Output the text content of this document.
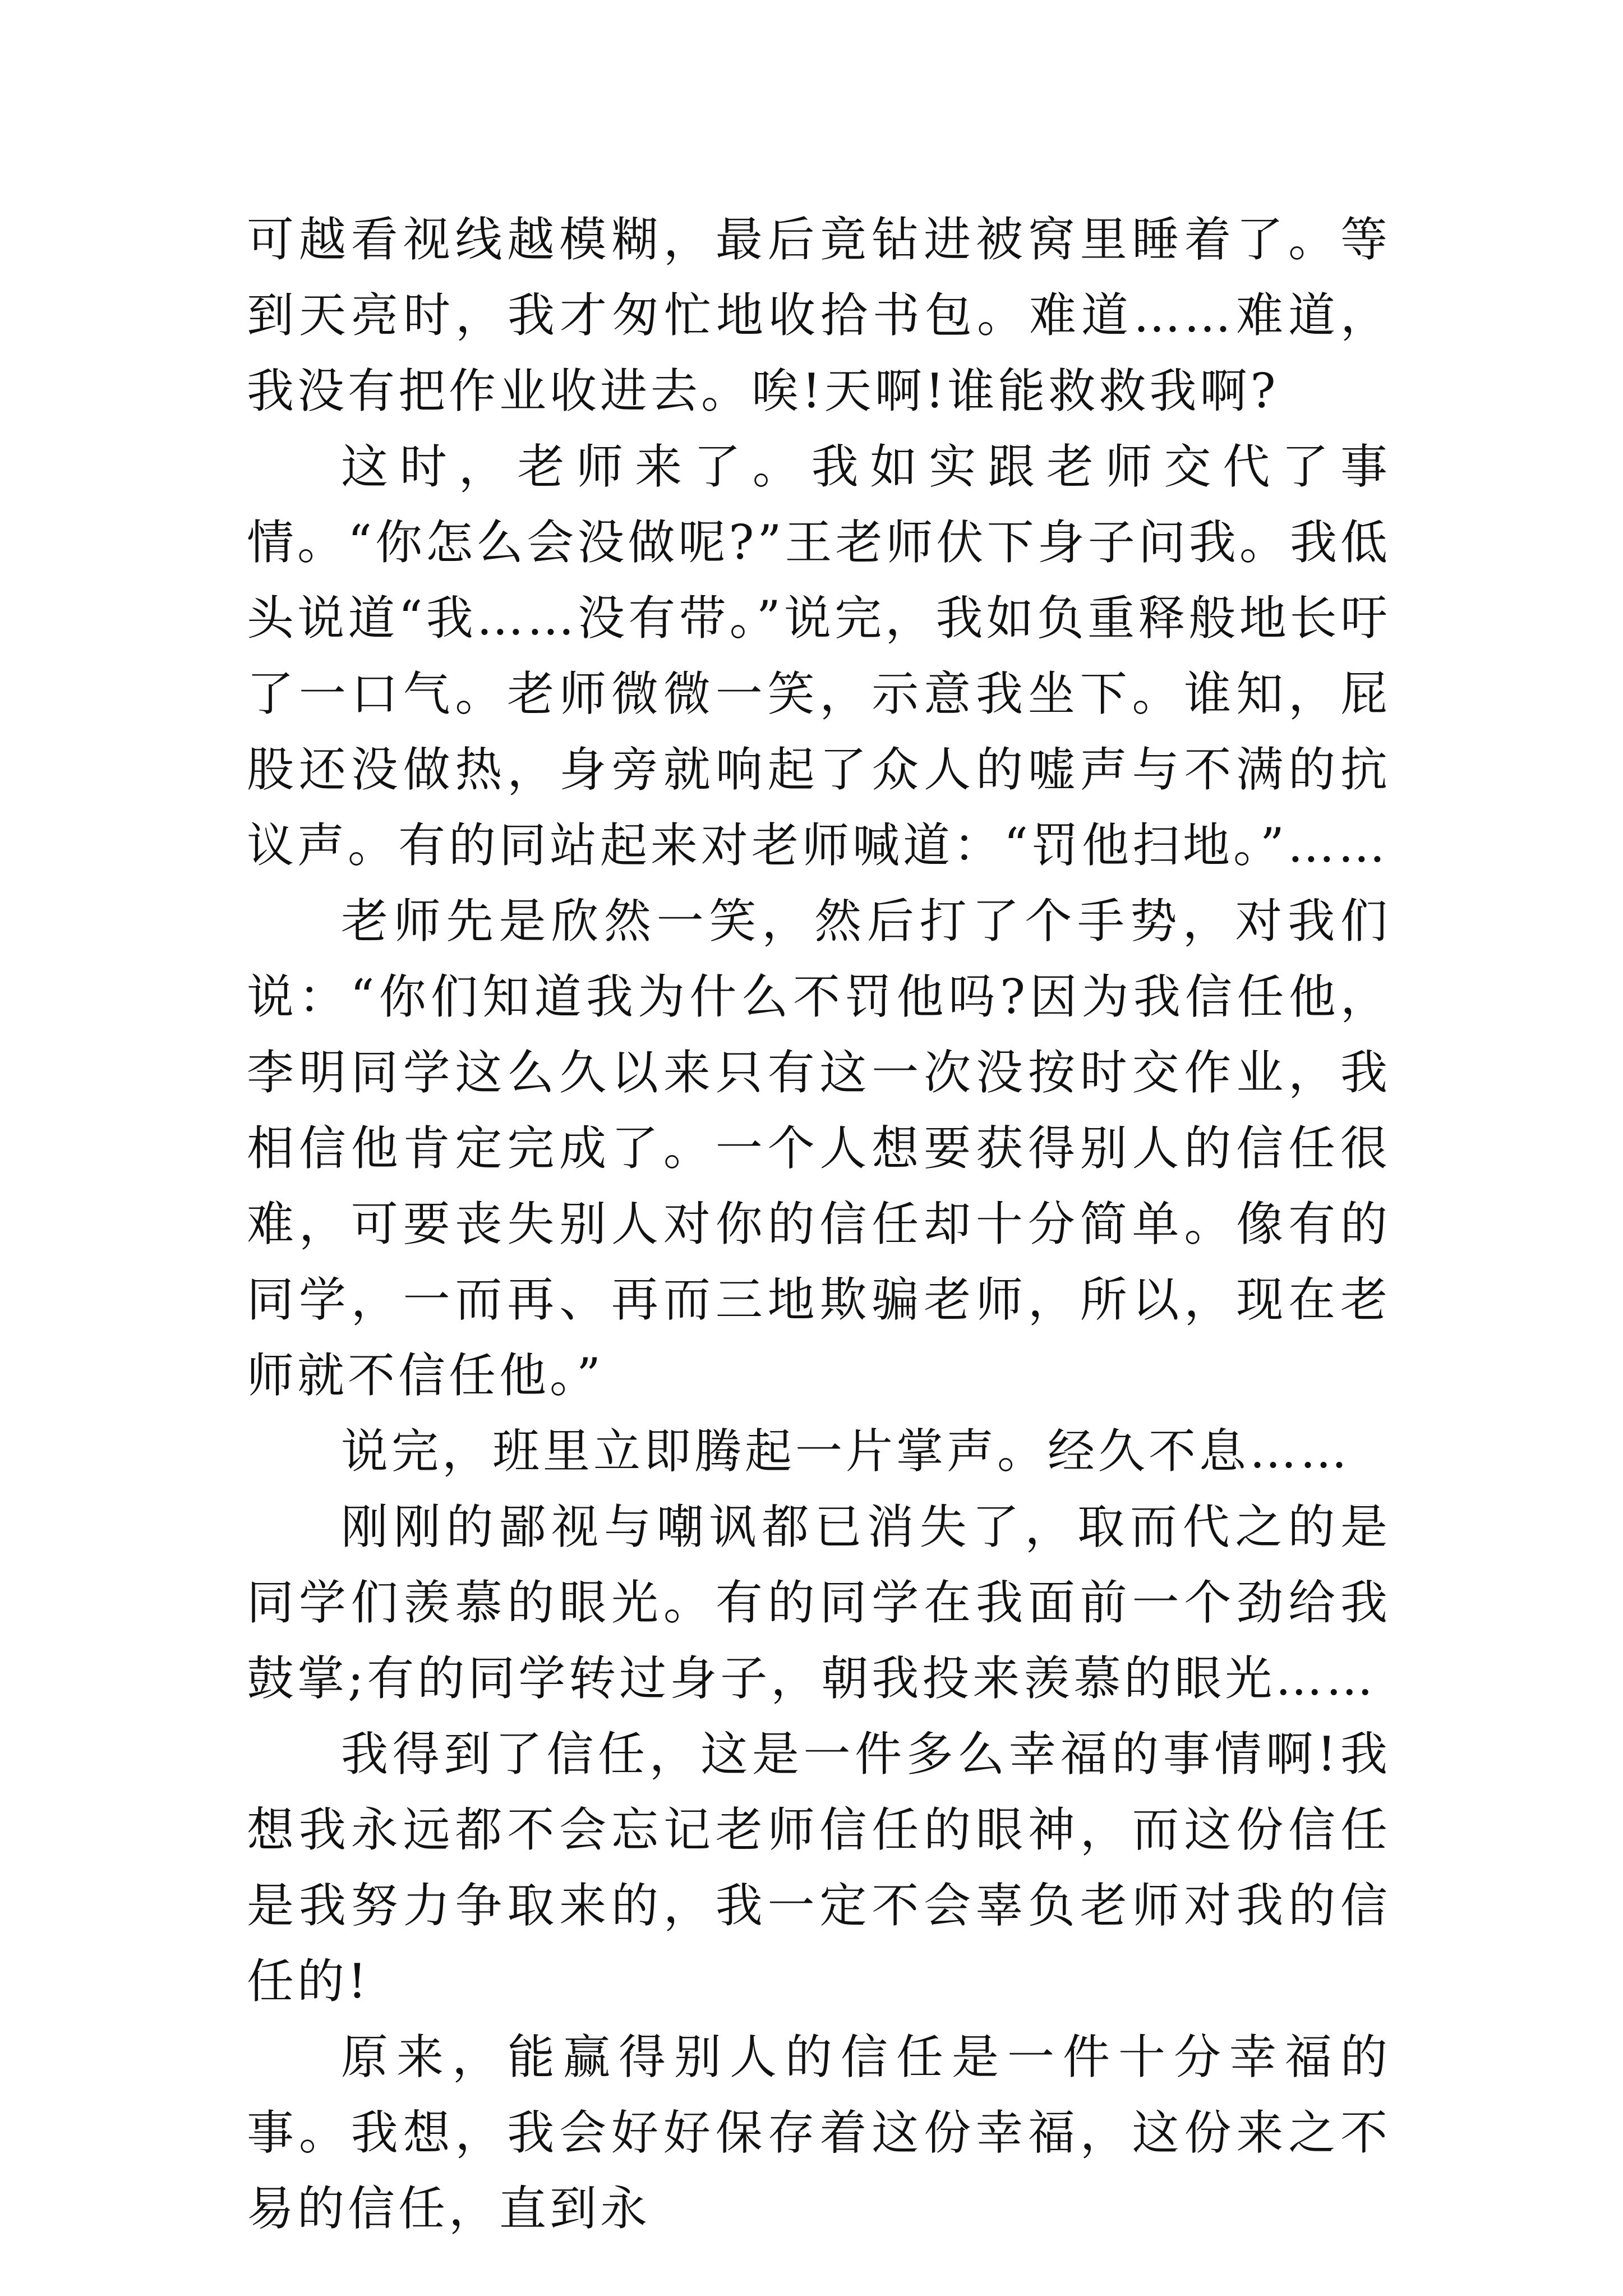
可越看视线越模糊，最后竟钻进被窝里睡着了。等到天亮时，我才匆忙地收拾书包。难道……难道，我没有把作业收进去。唉!天啊!谁能救救我啊?

这时，老师来了。我如实跟老师交代了事情。“你怎么会没做呢?”王老师伏下身子问我。我低头说道“我……没有带。”说完，我如负重释般地长吁了一口气。老师微微一笑，示意我坐下。谁知，屁股还没做热，身旁就响起了众人的嘘声与不满的抗议声。有的同站起来对老师喊道：“罚他扫地。”……

老师先是欣然一笑，然后打了个手势，对我们说：“你们知道我为什么不罚他吗?因为我信任他，李明同学这么久以来只有这一次没按时交作业，我相信他肯定完成了。一个人想要获得别人的信任很难，可要丧失别人对你的信任却十分简单。像有的同学，一而再、再而三地欺骗老师，所以，现在老师就不信任他。”

说完，班里立即腾起一片掌声。经久不息……

刚刚的鄙视与嘲讽都已消失了，取而代之的是同学们羡慕的眼光。有的同学在我面前一个劲给我鼓掌;有的同学转过身子，朝我投来羡慕的眼光……

我得到了信任，这是一件多么幸福的事情啊!我想我永远都不会忘记老师信任的眼神，而这份信任是我努力争取来的，我一定不会辜负老师对我的信任的!

原来，能赢得别人的信任是一件十分幸福的事。我想，我会好好保存着这份幸福，这份来之不易的信任，直到永
